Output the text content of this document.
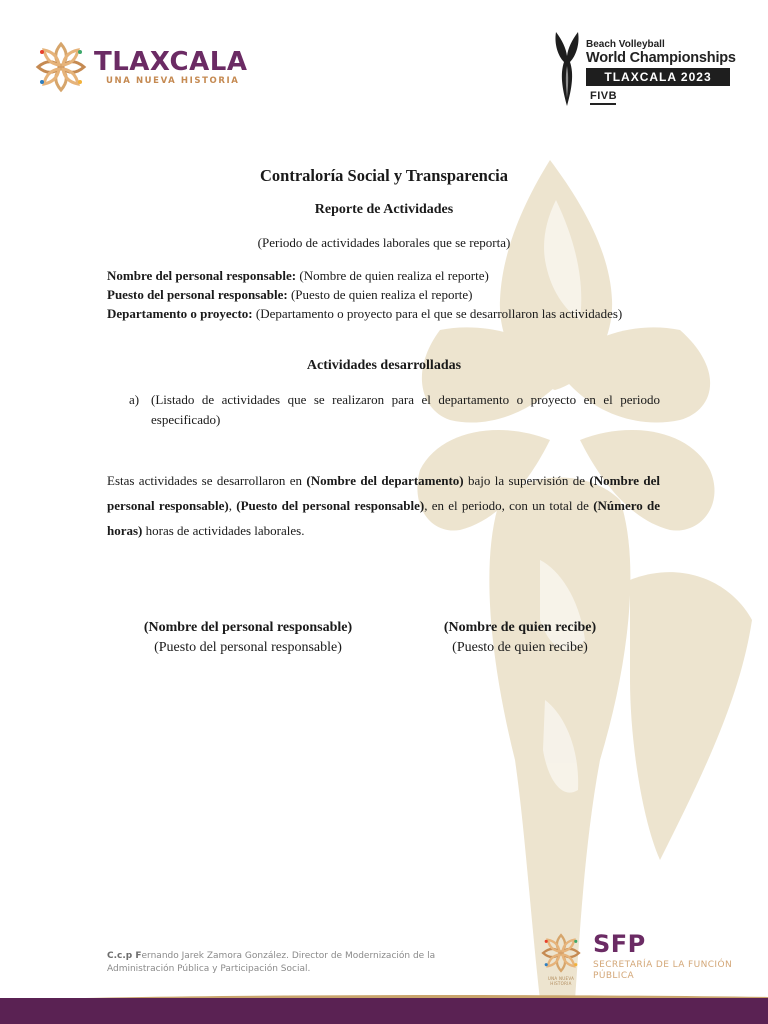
TLAXCALA
UNA NUEVA HISTORIA
Beach Volleyball
World Championships
TLAXCALA 2023
FIVB
Contraloría Social y Transparencia
Reporte de Actividades
(Periodo de actividades laborales que se reporta)
Nombre del personal responsable: (Nombre de quien realiza el reporte)
Puesto del personal responsable: (Puesto de quien realiza el reporte)
Departamento o proyecto: (Departamento o proyecto para el que se desarrollaron las actividades)
Actividades desarrolladas
a) (Listado de actividades que se realizaron para el departamento o proyecto en el periodo especificado)
Estas actividades se desarrollaron en (Nombre del departamento) bajo la supervisión de (Nombre del personal responsable), (Puesto del personal responsable), en el periodo, con un total de (Número de horas) horas de actividades laborales.
(Nombre del personal responsable)
(Puesto del personal responsable)
(Nombre de quien recibe)
(Puesto de quien recibe)
C.c.p Fernando Jarek Zamora González. Director de Modernización de la Administración Pública y Participación Social.
UNA NUEVA HISTORIA
SFP
SECRETARÍA DE LA FUNCIÓN
PÚBLICA
